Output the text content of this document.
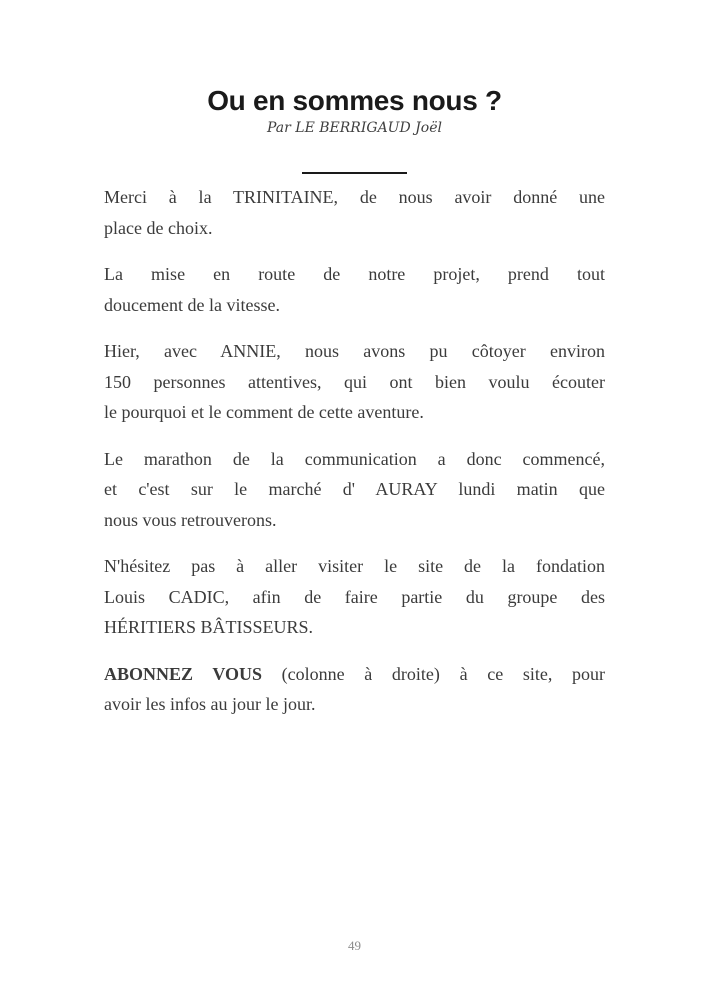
Ou en sommes nous ?
Par LE BERRIGAUD Joël
Merci à la TRINITAINE, de nous avoir donné une
place de choix.
La mise en route de notre projet, prend tout
doucement de la vitesse.
Hier, avec ANNIE, nous avons pu côtoyer environ
150 personnes attentives, qui ont bien voulu écouter
le pourquoi et le comment de cette aventure.
Le marathon de la communication a donc commencé,
et c'est sur le marché d' AURAY lundi matin que
nous vous retrouverons.
N'hésitez pas à aller visiter le site de la fondation
Louis CADIC, afin de faire partie du groupe des
HÉRITIERS BÂTISSEURS.
ABONNEZ VOUS (colonne à droite) à ce site, pour
avoir les infos au jour le jour.
49
